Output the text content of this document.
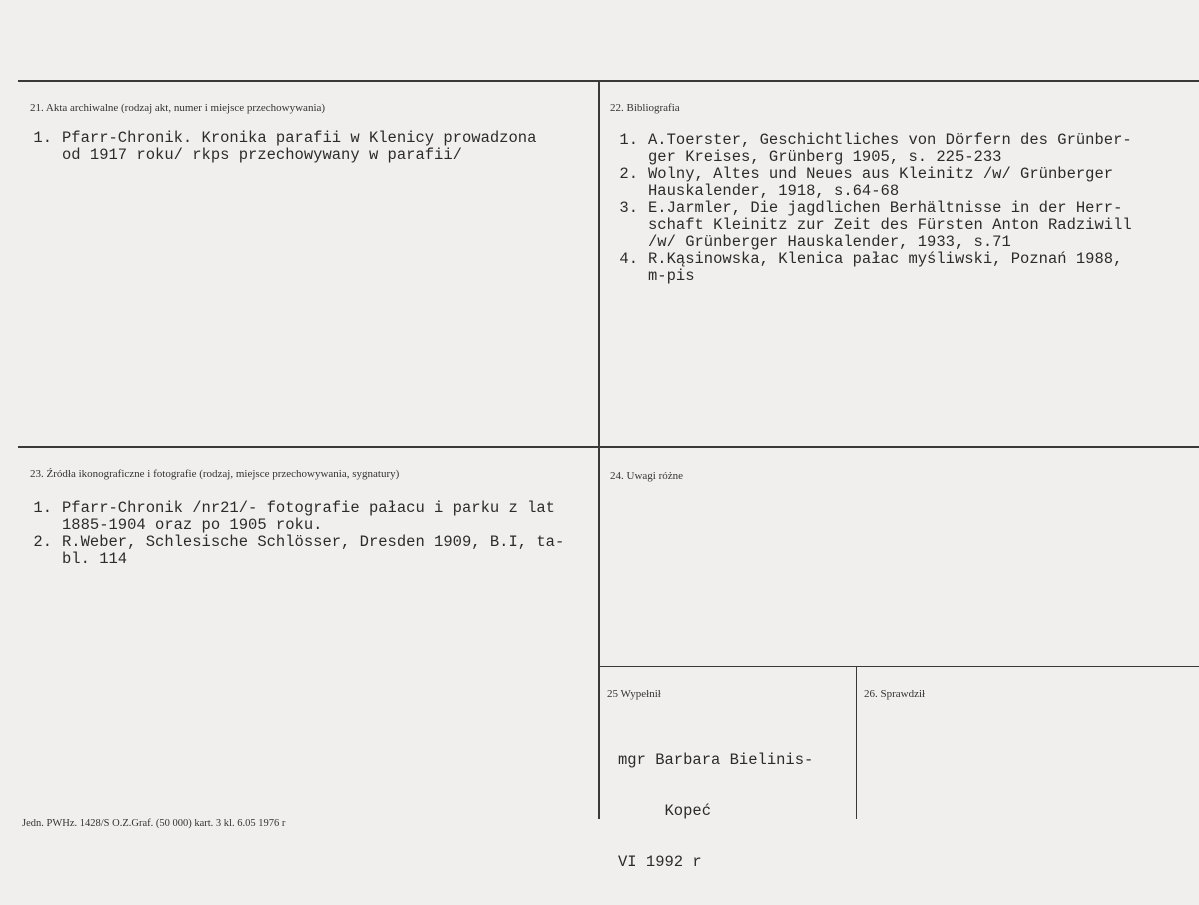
21. Akta archiwalne (rodzaj akt, numer i miejsce przechowywania)
1. Pfarr-Chronik. Kronika parafii w Klenicy prowadzona
od 1917 roku/ rkps przechowywany w parafii/
22. Bibliografia
1. A.Toerster, Geschichtliches von Dörfern des Grünber-
ger Kreises, Grünberg 1905, s. 225-233
2. Wolny, Altes und Neues aus Kleinitz /w/ Grünberger
Hauskalender, 1918, s.64-68
3. E.Jarmler, Die jagdlichen Berhältnisse in der Herr-
schaft Kleinitz zur Zeit des Fürsten Anton Radziwill
/w/ Grünberger Hauskalender, 1933, s.71
4. R.Kąsinowska, Klenica pałac myśliwski, Poznań 1988,
m-pis
23. Źródła ikonograficzne i fotografie (rodzaj, miejsce przechowywania, sygnatury)
1. Pfarr-Chronik /nr21/- fotografie pałacu i parku z lat
1885-1904 oraz po 1905 roku.
2. R.Weber, Schlesische Schlösser, Dresden 1909, B.I, ta-
bl. 114
24. Uwagi różne
25 Wypełnił

mgr Barbara Bielinis-

Kopeć

VI 1992 r

26. Sprawdził
Jedn. PWHz. 1428/S O.Z.Graf. (50 000) kart. 3 kl. 6.05 1976 r
